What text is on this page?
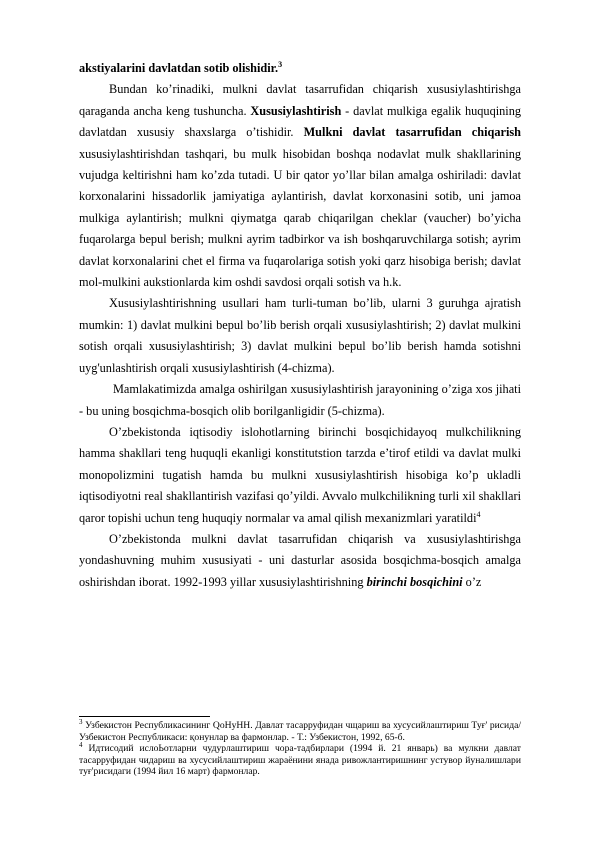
akstiyalarini davlatdan sotib olishidir.$^3$

Bundan ko’rinadiki, mulkni davlat tasarrufidan chiqarish xususiylashtirishga qaraganda ancha keng tushuncha. Xususiylashtirish - davlat mulkiga egalik huquqining davlatdan xususiy shaxslarga o’tishidir. Mulkni davlat tasarrufidan chiqarish xususiylashtirishdan tashqari, bu mulk hisobidan boshqa nodavlat mulk shakllarining vujudga keltirishni ham ko’zda tutadi. U bir qator yo’llar bilan amalga oshiriladi: davlat korxonalarini hissadorlik jamiyatiga aylantirish, davlat korxonasini sotib, uni jamoa mulkiga aylantirish; mulkni qiymatga qarab chiqarilgan cheklar (vaucher) bo’yicha fuqarolarga bepul berish; mulkni ayrim tadbirkor va ish boshqaruvchilarga sotish; ayrim davlat korxonalarini chet el firma va fuqarolariga sotish yoki qarz hisobiga berish; davlat mol-mulkini aukstionlarda kim oshdi savdosi orqali sotish va h.k.

Xususiylashtirishning usullari ham turli-tuman bo’lib, ularni 3 guruhga ajratish mumkin: 1) davlat mulkini bepul bo’lib berish orqali xususiylashtirish; 2) davlat mulkini sotish orqali xususiylashtirish; 3) davlat mulkini bepul bo’lib berish hamda sotishni uyg'unlashtirish orqali xususiylashtirish (4-chizma).

Mamlakatimizda amalga oshirilgan xususiylashtirish jarayonining o’ziga xos jihati - bu uning bosqichma-bosqich olib borilganligidir (5-chizma).

O’zbekistonda iqtisodiy islohotlarning birinchi bosqichidayoq mulkchilikning hamma shakllari teng huquqli ekanligi konstitutstion tarzda e’tirof etildi va davlat mulki monopolizmini tugatish hamda bu mulkni xususiylashtirish hisobiga ko’p ukladli iqtisodiyotni real shakllantirish vazifasi qo’yildi. Avvalo mulkchilikning turli xil shakllari qaror topishi uchun teng huquqiy normalar va amal qilish mexanizmlari yaratildi$^4$

O’zbekistonda mulkni davlat tasarrufidan chiqarish va xususiylashtirishga yondashuvning muhim xususiyati - uni dasturlar asosida bosqichma-bosqich amalga oshirishdan iborat. 1992-1993 yillar xususiylashtirishning birinchi bosqichini o’z

$^3$ Узбекистон Республикасининг QoHyHH. Давлат тасарруфидан чщариш ва хусусийлаштириш Туғ' рисида/Узбекистон Республикаси: қонунлар ва фармонлар. - Т.: Узбекистон, 1992, 65-б.

$^4$ Идтисодий ислоЬотларни чудурлаштириш чора-тадбирлари (1994 й. 21 январь) ва мулкни давлат тасарруфидан чидариш ва хусусийлаштириш жараёнини янада ривожлантиришнинг устувор йуналишлари туғ'рисидаги (1994 йил 16 март) фармонлар.
